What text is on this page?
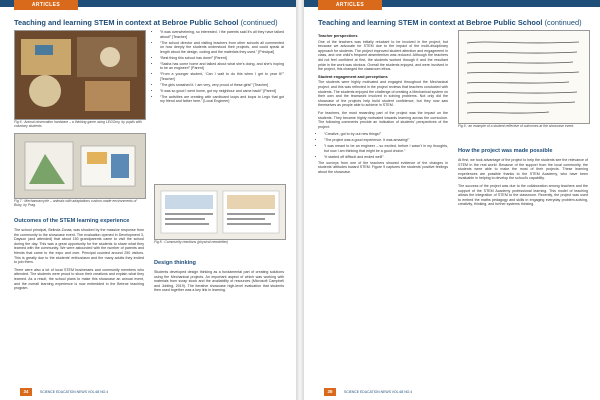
ARTICLES
Teaching and learning STEM in context at Bebroe Public School (continued)
Fig 6 : Animal observation hardware – a thinking game using LEGOmy, by pupils with voluntary students
Fig 7 : Mechanoarcycle – animals with adaptations custom-made environments of Buby, by Prag.
Outcomes of the STEM learning experience

The school principal, Belinda Zonas, was shocked by the massive response from the community to the showcase event. The evaluation opened in Development 3, Dayson (and attended) that about 150 grandparents came to visit the school during the day. This was a great opportunity for the students to share what they learned with the community. We were astounded with the number of parents and friends that came to the expo and over. Principal counted around 250 visitors. This is greatly due to the students’ enthusiasm and the many adults they invited to join them.

There were also a lot of local STEM businesses and community members who attended. The students were proud to show their creations and explain what they learned. As a result, the school plans to make this showcase an annual event, and the overall learning experience is now embedded in the Bebroe teaching program.

• “It was overwhelming, so interested. I the parents said it’s all they have talked about!” [Teacher]
• “The school director and visiting teachers from other schools all commented on how deeply the students understood their projects, and could speak at length about the design, coding and the materials they used.” [Principal]
• “Best thing this school has done!” [Parent]
• “Sasha has come home and talked about what she’s doing, and she’s hoping to be an engineer!” [Parent]
• “From a younger student, ‘Can I wait to do this when I get to year 6!’” [Teacher]
• “The girls smashed it. I am very, very proud of these girls!” [Teacher]
• “It was so good I went home, got my neighbour and came back!” [Parent]
• “The activities are creating with cardboard loops and loops to Lego that got my friend and father here.” [Local Engineer]
Fig 8 : Community reactions (physical newsletter)
Design thinking

Students developed design thinking as a fundamental part of creating solutions using the Mechanical projects. An important aspect of which was working with materials from scrap stock and the availability of resources (Microsoft Campbell and Jobling, 2019). The iterative showcase high-level evaluation that students then used together was a key link in learning.

SCIENCE EDUCATION NEWS VOL.68 NO.4
34
ARTICLES
Teaching and learning STEM in context at Bebroe Public School (continued)
Teacher perspectives

One of the teachers was initially reluctant to be involved in the project, but because we advocate for STEM due to the impact of the multi-disciplinary approach for students. The project improved student attention and engagement in class, and one child’s frequent absenteeism was reduced. Although the teachers did not feel confident at first, the students worked through it and the resultant pride in the work was obvious. Overall the students enjoyed, and were involved in the project, this changed the classroom ethos.

Student engagement and perceptions

The students were highly motivated and engaged throughout the Mechanical project, and this was reflected in the project reviews that teachers conducted with students. The students enjoyed the challenge of creating a Mechanical system on their own and the teamwork involved in solving problems. Not only did the showcase of the projects help build student confidence, but they now saw themselves as people able to achieve in STEM.

For teachers, the most rewarding part of the project was the impact on the students. They became highly motivated towards learning across the curriculum. The following comments provide an indication of students’ perspectives of the project:

• “Creative, got to try out new things!”
• “The project was a good experience. It was amazing!”
• “I was meant to be an engineer – so excited, before I wasn’t in my thoughts, but now I am thinking that might be a good choice.”
• “It started off difficult and ended well!”

The surveys from one of the teachers showed evidence of the changes in students’ attitudes toward STEM. Figure 9 captures the students’ positive feelings about the showcase.

Fig 9 : an example of a student reflective of outcomes at the showcase event.
How the project was made possible

At first, we took advantage of the project to help the students see the relevance of STEM in the real world. Because of the support from the local community, the students were able to make the most of their projects. These learning experiences are possible thanks to the STEM Academy, who have been invaluable in helping to develop the school’s capability.

The success of the project was due to the collaboration among teachers and the support of the STEM Academy professional learning. This model of teaching allows the integration of STEM to the classroom. Recently, the project was used to embed the maths pedagogy and skills in engaging everyday problem-solving, creativity, thinking, and further systems thinking.

SCIENCE EDUCATION NEWS VOL.68 NO.4
35
